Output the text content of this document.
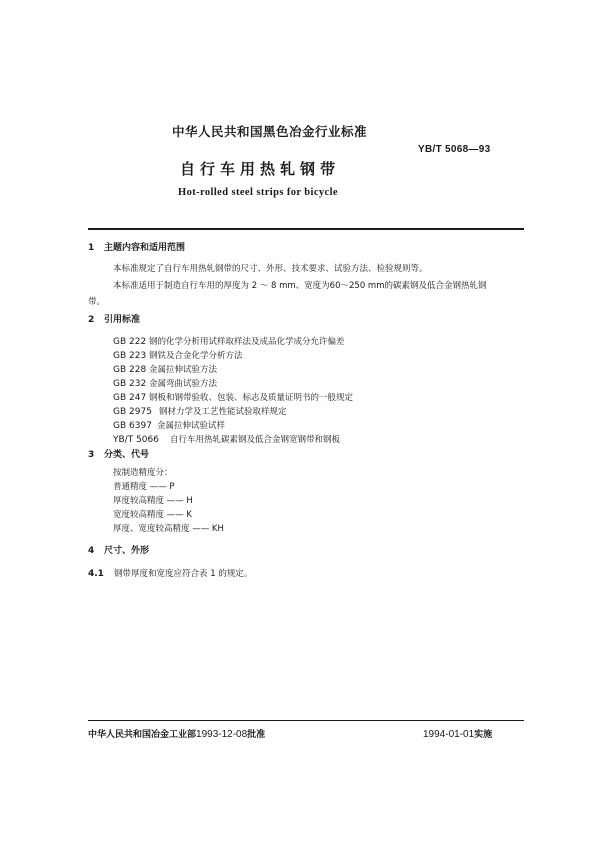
中华人民共和国黑色冶金行业标准
YB/T 5068—93
自行车用热轧钢带
Hot-rolled steel strips for bicycle
1 主题内容和适用范围
本标准规定了自行车用热轧钢带的尺寸、外形、技术要求、试验方法、检验规则等。
本标准适用于制造自行车用的厚度为 2 ～ 8 mm、宽度为60～250 mm的碳素钢及低合金钢热轧钢
带。
2 引用标准
GB 222 钢的化学分析用试样取样法及成品化学成分允许偏差
GB 223 钢铁及合金化学分析方法
GB 228 金属拉伸试验方法
GB 232 金属弯曲试验方法
GB 247 钢板和钢带验收、包装、标志及质量证明书的一般规定
GB 2975 钢材力学及工艺性能试验取样规定
GB 6397 金属拉伸试验试样
YB/T 5066 自行车用热轧碳素钢及低合金钢宽钢带和钢板
3 分类、代号
按制造精度分：
普通精度 —— P
厚度较高精度 —— H
宽度较高精度 —— K
厚度、宽度较高精度 —— KH
4 尺寸、外形
4.1 钢带厚度和宽度应符合表 1 的规定。
中华人民共和国冶金工业部1993-12-08批准	1994-01-01实施
